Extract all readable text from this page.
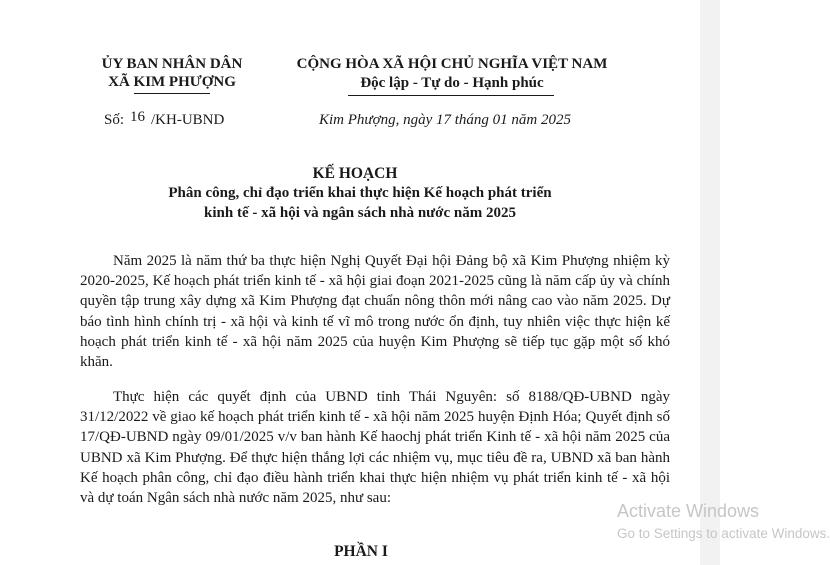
ỦY BAN NHÂN DÂN
XÃ KIM PHƯỢNG
CỘNG HÒA XÃ HỘI CHỦ NGHĨA VIỆT NAM
Độc lập - Tự do - Hạnh phúc
Số: 16 /KH-UBND	Kim Phượng, ngày 17 tháng 01 năm 2025
KẾ HOẠCH
Phân công, chỉ đạo triển khai thực hiện Kế hoạch phát triển
kinh tế - xã hội và ngân sách nhà nước năm 2025

Năm 2025 là năm thứ ba thực hiện Nghị Quyết Đại hội Đảng bộ xã Kim Phượng nhiệm kỳ 2020-2025, Kế hoạch phát triển kinh tế - xã hội giai đoạn 2021-2025 cũng là năm cấp ủy và chính quyền tập trung xây dựng xã Kim Phượng đạt chuẩn nông thôn mới nâng cao vào năm 2025. Dự báo tình hình chính trị - xã hội và kinh tế vĩ mô trong nước ổn định, tuy nhiên việc thực hiện kế hoạch phát triển kinh tế - xã hội năm 2025 của huyện Kim Phượng sẽ tiếp tục gặp một số khó khăn.

Thực hiện các quyết định của UBND tỉnh Thái Nguyên: số 8188/QĐ-UBND ngày 31/12/2022 về giao kế hoạch phát triển kinh tế - xã hội năm 2025 huyện Định Hóa; Quyết định số 17/QĐ-UBND ngày 09/01/2025 v/v ban hành Kế haochj phát triển Kinh tế - xã hội năm 2025 của UBND xã Kim Phượng. Để thực hiện thắng lợi các nhiệm vụ, mục tiêu đề ra, UBND xã ban hành Kế hoạch phân công, chỉ đạo điều hành triển khai thực hiện nhiệm vụ phát triển kinh tế - xã hội và dự toán Ngân sách nhà nước năm 2025, như sau:

PHẦN I
Activate Windows
Go to Settings to activate Windows.
